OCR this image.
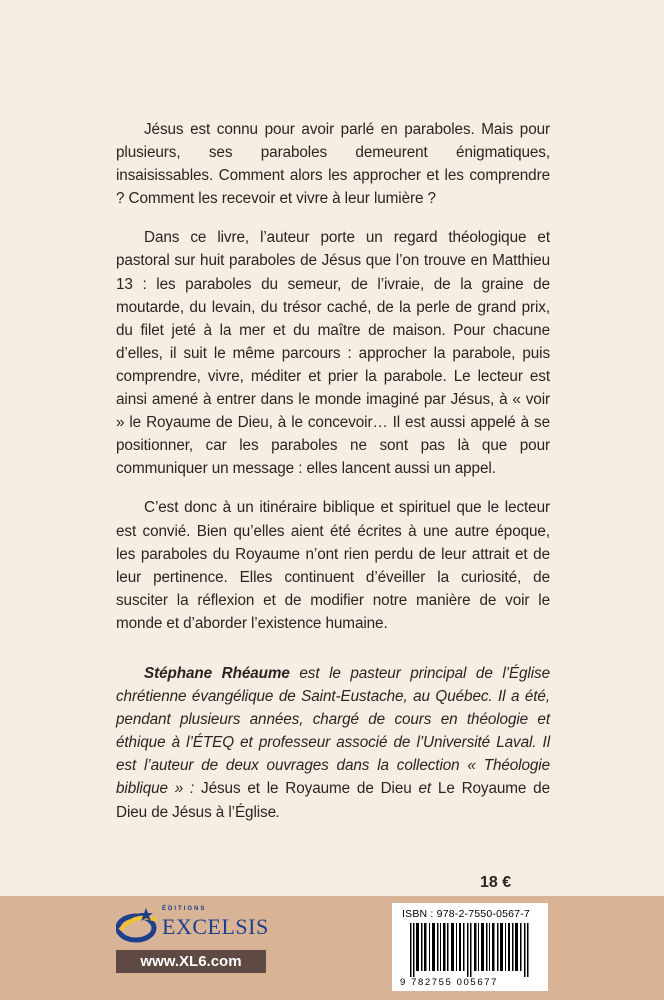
Jésus est connu pour avoir parlé en paraboles. Mais pour plusieurs, ses paraboles demeurent énigmatiques, insaisissables. Comment alors les approcher et les comprendre ? Comment les recevoir et vivre à leur lumière ?

Dans ce livre, l’auteur porte un regard théologique et pastoral sur huit paraboles de Jésus que l’on trouve en Matthieu 13 : les paraboles du semeur, de l’ivraie, de la graine de moutarde, du levain, du trésor caché, de la perle de grand prix, du filet jeté à la mer et du maître de maison. Pour chacune d’elles, il suit le même parcours : approcher la parabole, puis comprendre, vivre, méditer et prier la parabole. Le lecteur est ainsi amené à entrer dans le monde imaginé par Jésus, à « voir » le Royaume de Dieu, à le concevoir… Il est aussi appelé à se positionner, car les paraboles ne sont pas là que pour communiquer un message : elles lancent aussi un appel.

C’est donc à un itinéraire biblique et spirituel que le lecteur est convié. Bien qu’elles aient été écrites à une autre époque, les paraboles du Royaume n’ont rien perdu de leur attrait et de leur pertinence. Elles continuent d’éveiller la curiosité, de susciter la réflexion et de modifier notre manière de voir le monde et d’aborder l’existence humaine.

Stéphane Rhéaume est le pasteur principal de l’Église chrétienne évangélique de Saint-Eustache, au Québec. Il a été, pendant plusieurs années, chargé de cours en théologie et éthique à l’ÉTEQ et professeur associé de l’Université Laval. Il est l’auteur de deux ouvrages dans la collection « Théologie biblique » : Jésus et le Royaume de Dieu et Le Royaume de Dieu de Jésus à l’Église.

18 €
ÉDITIONS
EXCELSIS
www.XL6.com
ISBN : 978-2-7550-0567-7
9 782755 005677
